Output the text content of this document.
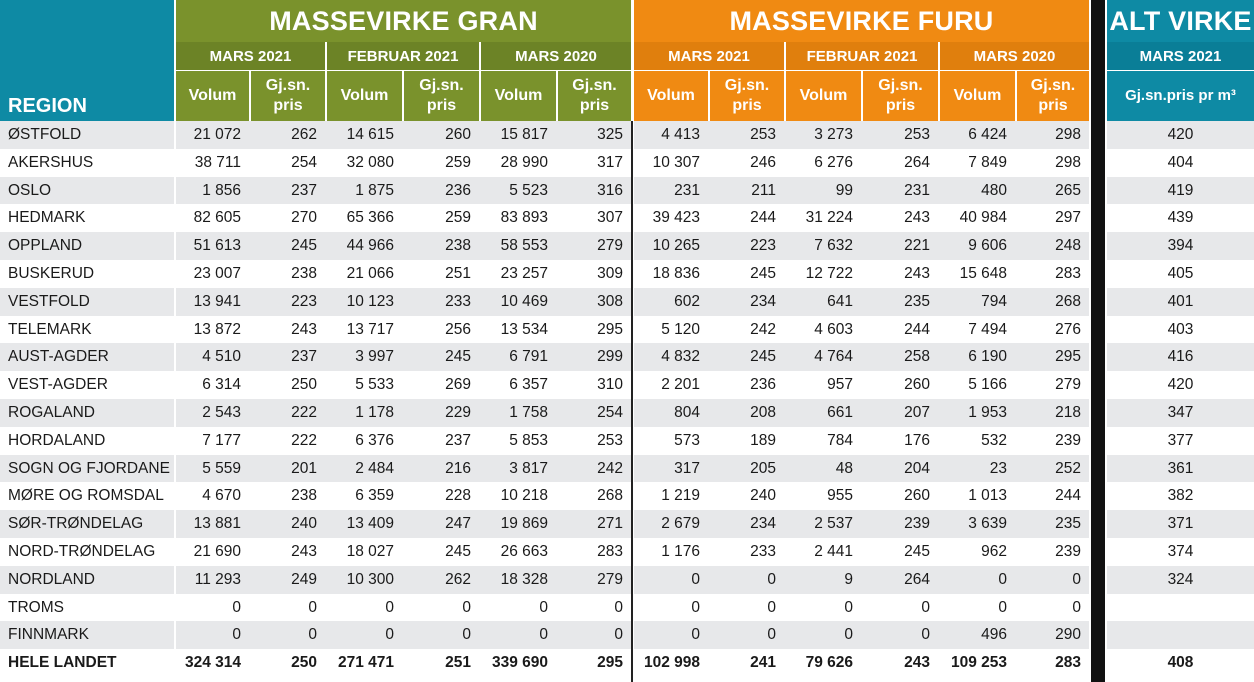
REGION
MASSEVIRKE GRAN
MARS 2021	FEBRUAR 2021	MARS 2020
MASSEVIRKE FURU
MARS 2021	FEBRUAR 2021	MARS 2020
ALT VIRKE
MARS 2021
Gj.sn.pris pr m³
Volum
Gj.sn. pris
Volum
Gj.sn. pris
Volum
Gj.sn. pris
Volum
Gj.sn. pris
Volum
Gj.sn. pris
Volum
Gj.sn. pris
ØSTFOLD	21 072	262	14 615	260	15 817	325	4 413	253	3 273	253	6 424	298	420
AKERSHUS	38 711	254	32 080	259	28 990	317	10 307	246	6 276	264	7 849	298	404
OSLO	1 856	237	1 875	236	5 523	316	231	211	99	231	480	265	419
HEDMARK	82 605	270	65 366	259	83 893	307	39 423	244	31 224	243	40 984	297	439
OPPLAND	51 613	245	44 966	238	58 553	279	10 265	223	7 632	221	9 606	248	394
BUSKERUD	23 007	238	21 066	251	23 257	309	18 836	245	12 722	243	15 648	283	405
VESTFOLD	13 941	223	10 123	233	10 469	308	602	234	641	235	794	268	401
TELEMARK	13 872	243	13 717	256	13 534	295	5 120	242	4 603	244	7 494	276	403
AUST-AGDER	4 510	237	3 997	245	6 791	299	4 832	245	4 764	258	6 190	295	416
VEST-AGDER	6 314	250	5 533	269	6 357	310	2 201	236	957	260	5 166	279	420
ROGALAND	2 543	222	1 178	229	1 758	254	804	208	661	207	1 953	218	347
HORDALAND	7 177	222	6 376	237	5 853	253	573	189	784	176	532	239	377
SOGN OG FJORDANE	5 559	201	2 484	216	3 817	242	317	205	48	204	23	252	361
MØRE OG ROMSDAL	4 670	238	6 359	228	10 218	268	1 219	240	955	260	1 013	244	382
SØR-TRØNDELAG	13 881	240	13 409	247	19 869	271	2 679	234	2 537	239	3 639	235	371
NORD-TRØNDELAG	21 690	243	18 027	245	26 663	283	1 176	233	2 441	245	962	239	374
NORDLAND	11 293	249	10 300	262	18 328	279	0	0	9	264	0	0	324
TROMS	0	0	0	0	0	0	0	0	0	0	0	0
FINNMARK	0	0	0	0	0	0	0	0	0	0	496	290
HELE LANDET	324 314	250	271 471	251	339 690	295	102 998	241	79 626	243	109 253	283	408
